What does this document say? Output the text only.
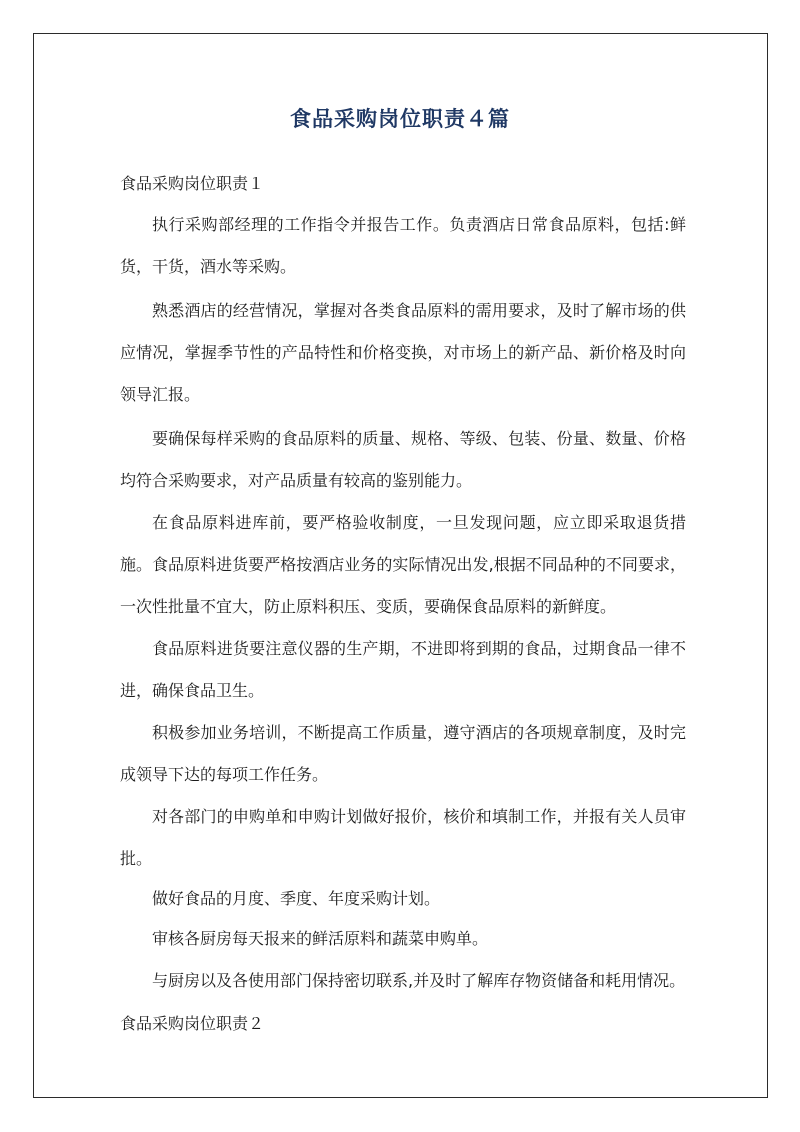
食品采购岗位职责４篇
食品采购岗位职责１

执行采购部经理的工作指令并报告工作。负责酒店日常食品原料，包括:鲜货，干货，酒水等采购。

熟悉酒店的经营情况，掌握对各类食品原料的需用要求，及时了解市场的供应情况，掌握季节性的产品特性和价格变换，对市场上的新产品、新价格及时向领导汇报。

要确保每样采购的食品原料的质量、规格、等级、包装、份量、数量、价格均符合采购要求，对产品质量有较高的鉴别能力。

在食品原料进库前，要严格验收制度，一旦发现问题，应立即采取退货措施。 食品原料进货要严格按酒店业务的实际情况出发,根据不同品种的不同要求，一次性批量不宜大，防止原料积压、变质，要确保食品原料的新鲜度。

食品原料进货要注意仪器的生产期，不进即将到期的食品，过期食品一律不进，确保食品卫生。

积极参加业务培训，不断提高工作质量，遵守酒店的各项规章制度，及时完成领导下达的每项工作任务。

对各部门的申购单和申购计划做好报价，核价和填制工作，并报有关人员审批。

做好食品的月度、季度、年度采购计划。

审核各厨房每天报来的鲜活原料和蔬菜申购单。

与厨房以及各使用部门保持密切联系,并及时了解库存物资储备和耗用情况。

食品采购岗位职责２
